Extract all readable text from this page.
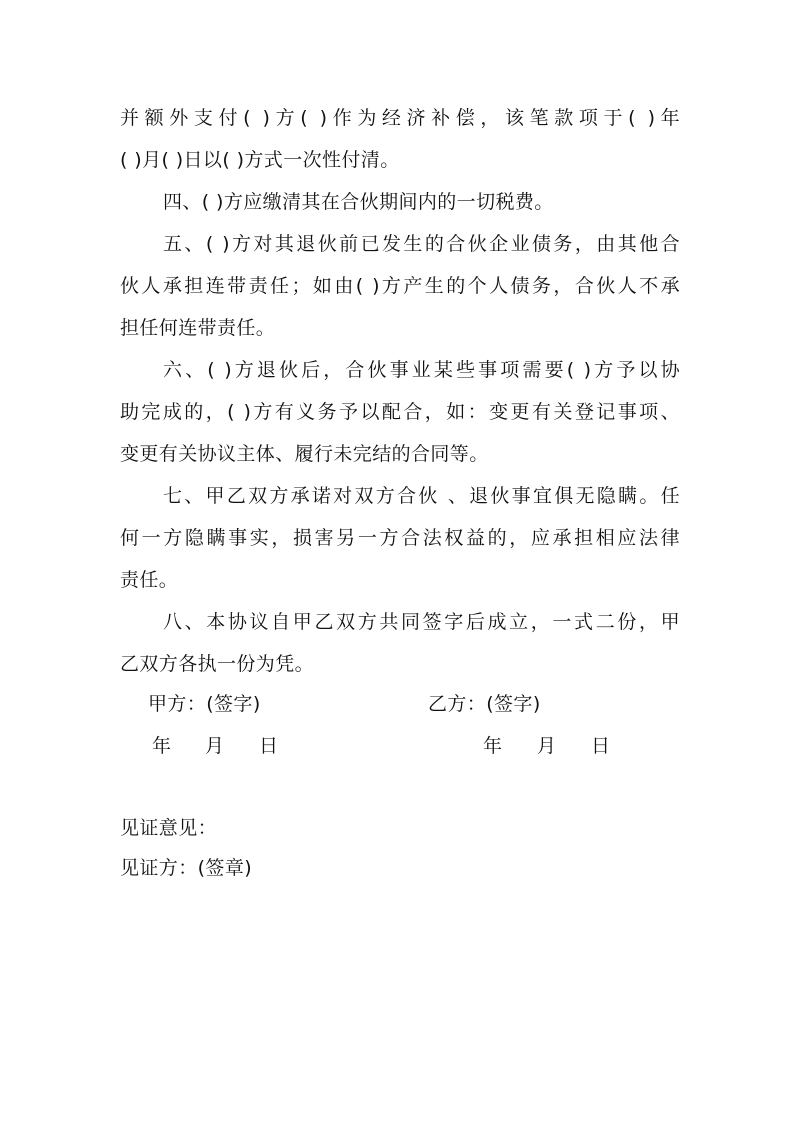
并额外支付( )方( )作为经济补偿，该笔款项于( )年
( )月( )日以( )方式一次性付清。
四、( )方应缴清其在合伙期间内的一切税费。
五、( )方对其退伙前已发生的合伙企业债务，由其他合
伙人承担连带责任；如由( )方产生的个人债务，合伙人不承
担任何连带责任。
六、( )方退伙后，合伙事业某些事项需要( )方予以协
助完成的，( )方有义务予以配合，如：变更有关登记事项、
变更有关协议主体、履行未完结的合同等。
七、甲乙双方承诺对双方合伙 、退伙事宜俱无隐瞒。任
何一方隐瞒事实，损害另一方合法权益的，应承担相应法律
责任。
八、本协议自甲乙双方共同签字后成立，一式二份，甲
乙双方各执一份为凭。
甲方：(签字)	乙方：(签字)
年 月 日	年 月 日
见证意见：
见证方：(签章)
